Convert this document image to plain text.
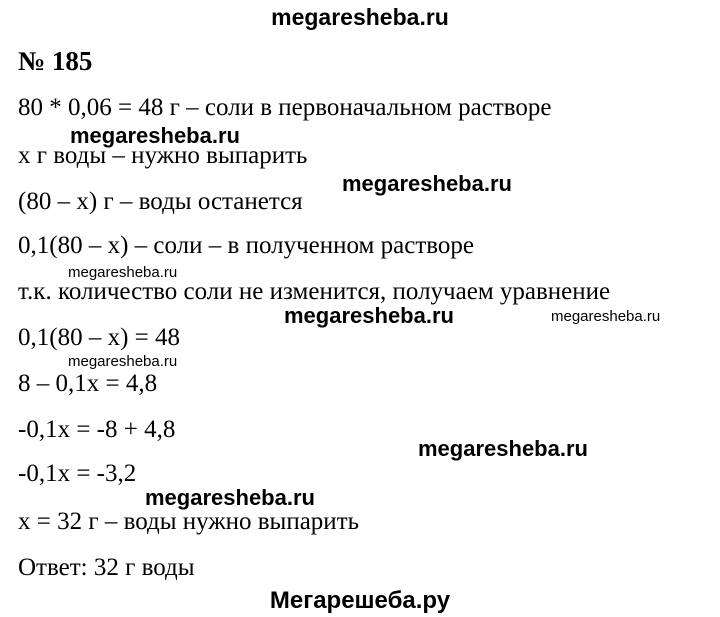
megaresheba.ru
№ 185
80 * 0,06 = 48 г – соли в первоначальном растворе
х г воды – нужно выпарить
(80 – х) г – воды останется
0,1(80 – х) – соли – в полученном растворе
т.к. количество соли не изменится, получаем уравнение
0,1(80 – х) = 48
8 – 0,1х = 4,8
-0,1х = -8 + 4,8
-0,1х = -3,2
х = 32 г – воды нужно выпарить
Ответ: 32 г воды
megaresheba.ru
megaresheba.ru
megaresheba.ru
megaresheba.ru	megaresheba.ru
megaresheba.ru
megaresheba.ru
megaresheba.ru
Мегарешеба.ру
